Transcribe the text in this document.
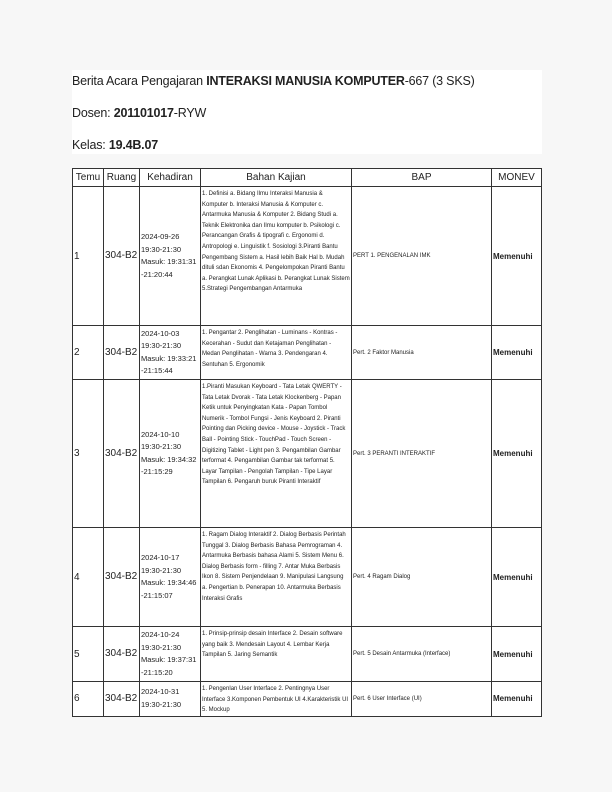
Berita Acara Pengajaran INTERAKSI MANUSIA KOMPUTER-667 (3 SKS)
Dosen: 201101017-RYW
Kelas: 19.4B.07
Temu	Ruang	Kehadiran	Bahan Kajian	BAP	MONEV
1	304-B2	2024-09-26 19:30-21:30 Masuk: 19:31:31 -21:20:44	1. Definisi a. Bidang Ilmu Interaksi Manusia & Komputer b. Interaksi Manusia & Komputer c. Antarmuka Manusia & Komputer 2. Bidang Studi a. Teknik Elektronika dan Ilmu komputer b. Psikologi c. Perancangan Grafis & tipografi c. Ergonomi d. Antropologi e. Linguistik f. Sosiologi 3.Piranti Bantu Pengembang Sistem a. Hasil lebih Baik Hal b. Mudah dituli sdan Ekonomis 4. Pengelompokan Piranti Bantu a. Perangkat Lunak Aplikasi b. Perangkat Lunak Sistem 5.Strategi Pengembangan Antarmuka	PERT 1. PENGENALAN IMK	Memenuhi
2	304-B2	2024-10-03 19:30-21:30 Masuk: 19:33:21 -21:15:44	1. Pengantar 2. Penglihatan - Luminans - Kontras - Kecerahan - Sudut dan Ketajaman Penglihatan - Medan Penglihatan - Warna 3. Pendengaran 4. Sentuhan 5. Ergonomik	Pert. 2 Faktor Manusia	Memenuhi
3	304-B2	2024-10-10 19:30-21:30 Masuk: 19:34:32 -21:15:29	1.Piranti Masukan Keyboard - Tata Letak QWERTY - Tata Letak Dvorak - Tata Letak Klockenberg - Papan Ketik untuk Penyingkatan Kata - Papan Tombol Numerik - Tombol Fungsi - Jenis Keyboard 2. Piranti Pointing dan Picking device - Mouse - Joystick - Track Ball - Pointing Stick - TouchPad - Touch Screen - Digitizing Tablet - Light pen 3. Pengambilan Gambar terformat 4. Pengambilan Gambar tak terformat 5. Layar Tampilan - Pengolah Tampilan - Tipe Layar Tampilan 6. Pengaruh buruk Piranti Interaktif	Pert. 3 PERANTI INTERAKTIF	Memenuhi
4	304-B2	2024-10-17 19:30-21:30 Masuk: 19:34:46 -21:15:07	1. Ragam Dialog Interaktif 2. Dialog Berbasis Perintah Tunggal 3. Dialog Berbasis Bahasa Pemrograman 4. Antarmuka Berbasis bahasa Alami 5. Sistem Menu 6. Dialog Berbasis form - filling 7. Antar Muka Berbasis Ikon 8. Sistem Penjendelaan 9. Manipulasi Langsung a. Pengertian b. Penerapan 10. Antarmuka Berbasis Interaksi Grafis	Pert. 4 Ragam Dialog	Memenuhi
5	304-B2	2024-10-24 19:30-21:30 Masuk: 19:37:31 -21:15:20	1. Prinsip-prinsip desain Interface 2. Desain software yang baik 3. Mendesain Layout 4. Lembar Kerja Tampilan 5. Jaring Semantik	Pert. 5 Desain Antarmuka (Interface)	Memenuhi
6	304-B2	2024-10-31 19:30-21:30	1. Pengenlan User Interface 2. Pentingnya User Interface 3.Komponen Pembentuk UI 4.Karakteristik UI 5. Mockup	Pert. 6 User Interface (UI)	Memenuhi
